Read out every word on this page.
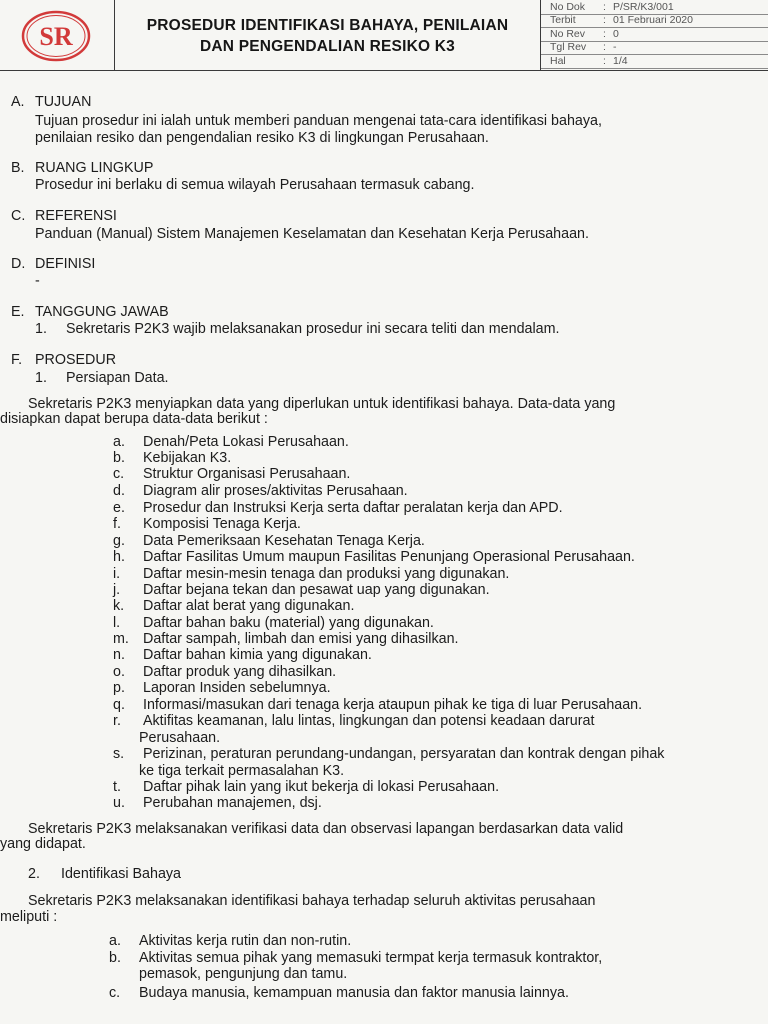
SR	PROSEDUR IDENTIFIKASI BAHAYA, PENILAIAN
DAN PENGENDALIAN RESIKO K3
No Dok : P/SR/K3/001
Terbit	: 01 Februari 2020
No Rev : 0
Tgl Rev : -
Hal	: 1/4
A. TUJUAN
Tujuan prosedur ini ialah untuk memberi panduan mengenai tata-cara identifikasi bahaya,
penilaian resiko dan pengendalian resiko K3 di lingkungan Perusahaan.
B. RUANG LINGKUP
Prosedur ini berlaku di semua wilayah Perusahaan termasuk cabang.
C. REFERENSI
Panduan (Manual) Sistem Manajemen Keselamatan dan Kesehatan Kerja Perusahaan.
D. DEFINISI
-
E. TANGGUNG JAWAB
1. Sekretaris P2K3 wajib melaksanakan prosedur ini secara teliti dan mendalam.
F. PROSEDUR
1. Persiapan Data.
Sekretaris P2K3 menyiapkan data yang diperlukan untuk identifikasi bahaya. Data-data yang
disiapkan dapat berupa data-data berikut :
a. Denah/Peta Lokasi Perusahaan.
b. Kebijakan K3.
c. Struktur Organisasi Perusahaan.
d. Diagram alir proses/aktivitas Perusahaan.
e. Prosedur dan Instruksi Kerja serta daftar peralatan kerja dan APD.
f. Komposisi Tenaga Kerja.
g. Data Pemeriksaan Kesehatan Tenaga Kerja.
h. Daftar Fasilitas Umum maupun Fasilitas Penunjang Operasional Perusahaan.
i. Daftar mesin-mesin tenaga dan produksi yang digunakan.
j. Daftar bejana tekan dan pesawat uap yang digunakan.
k. Daftar alat berat yang digunakan.
l. Daftar bahan baku (material) yang digunakan.
m. Daftar sampah, limbah dan emisi yang dihasilkan.
n. Daftar bahan kimia yang digunakan.
o. Daftar produk yang dihasilkan.
p. Laporan Insiden sebelumnya.
q. Informasi/masukan dari tenaga kerja ataupun pihak ke tiga di luar Perusahaan.
r. Aktifitas keamanan, lalu lintas, lingkungan dan potensi keadaan darurat
Perusahaan.
s. Perizinan, peraturan perundang-undangan, persyaratan dan kontrak dengan pihak
ke tiga terkait permasalahan K3.
t. Daftar pihak lain yang ikut bekerja di lokasi Perusahaan.
u. Perubahan manajemen, dsj.
Sekretaris P2K3 melaksanakan verifikasi data dan observasi lapangan berdasarkan data valid
yang didapat.
2. Identifikasi Bahaya
Sekretaris P2K3 melaksanakan identifikasi bahaya terhadap seluruh aktivitas perusahaan
meliputi :
a. Aktivitas kerja rutin dan non-rutin.
b. Aktivitas semua pihak yang memasuki termpat kerja termasuk kontraktor,
pemasok, pengunjung dan tamu.
c. Budaya manusia, kemampuan manusia dan faktor manusia lainnya.
